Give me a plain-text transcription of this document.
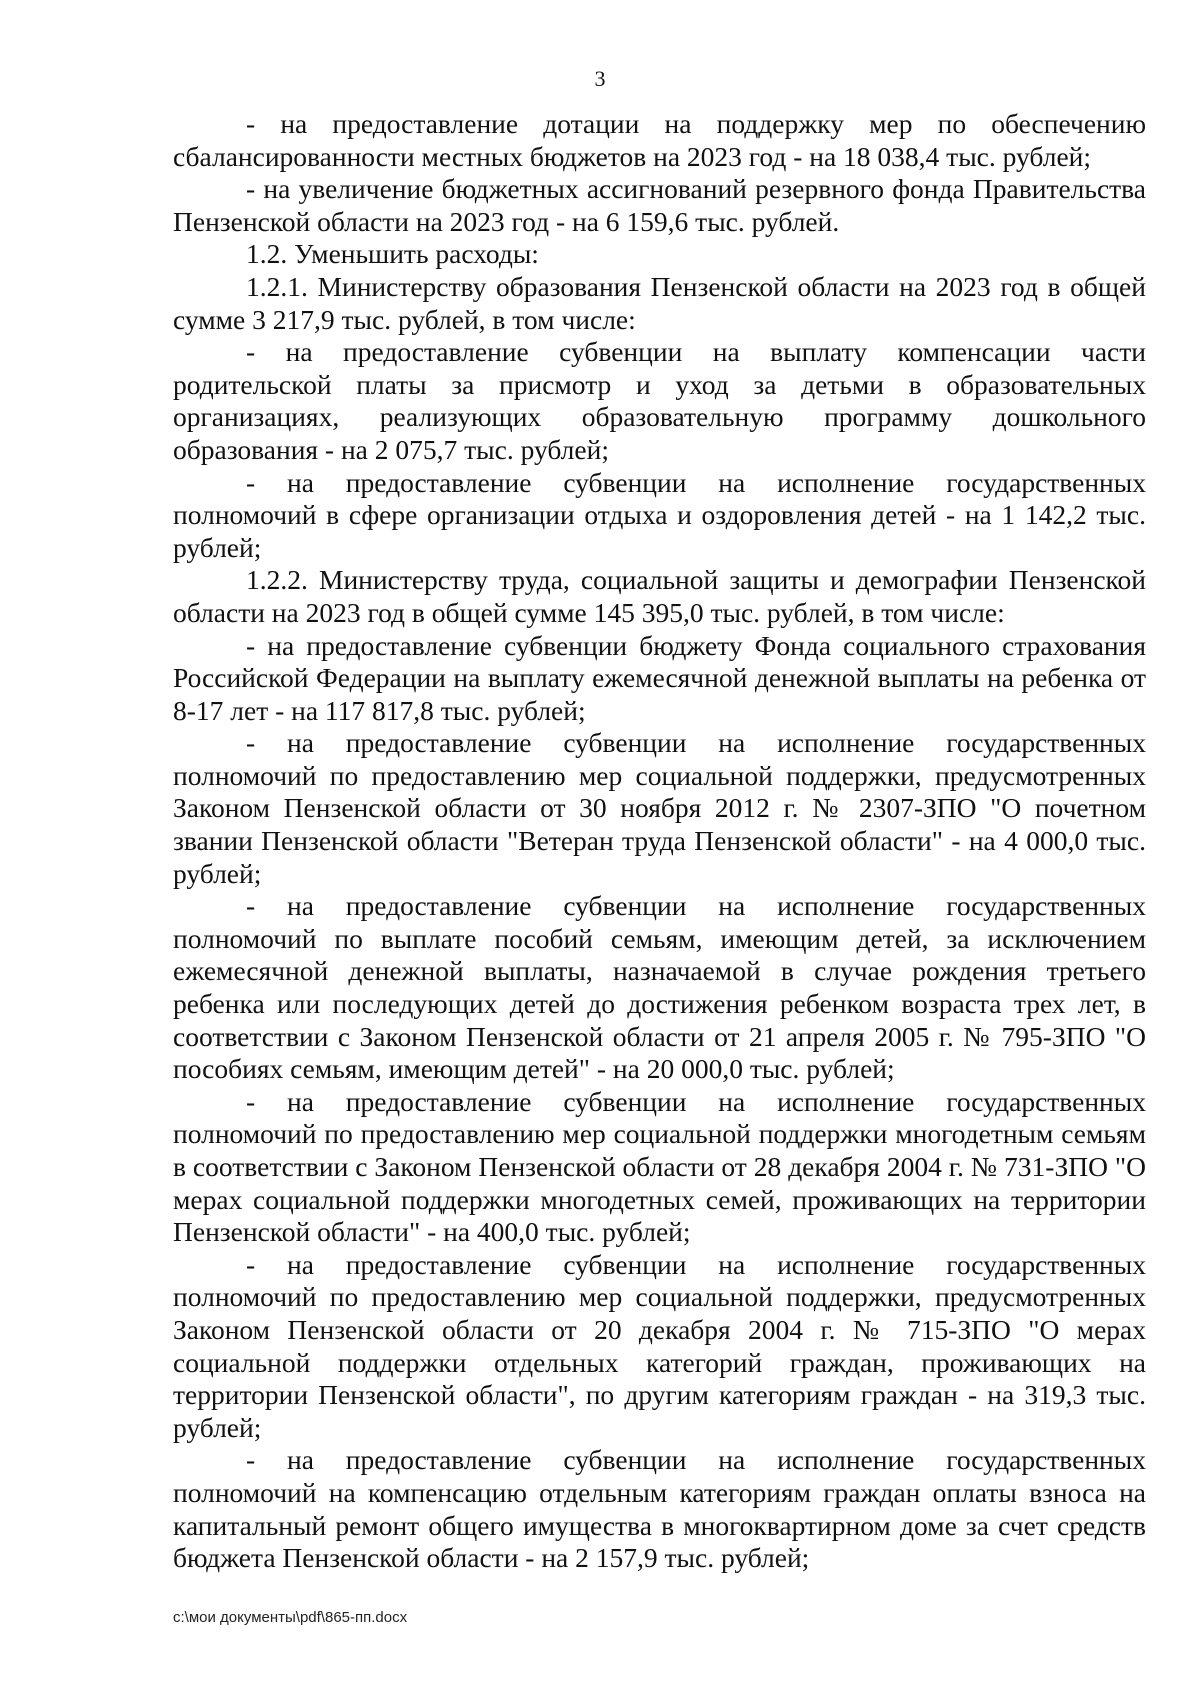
3

- на предоставление дотации на поддержку мер по обеспечению сбалансированности местных бюджетов на 2023 год - на 18 038,4 тыс. рублей;

- на увеличение бюджетных ассигнований резервного фонда Правительства Пензенской области на 2023 год - на 6 159,6 тыс. рублей.

1.2. Уменьшить расходы:

1.2.1. Министерству образования Пензенской области на 2023 год в общей сумме 3 217,9 тыс. рублей, в том числе:

- на предоставление субвенции на выплату компенсации части родительской платы за присмотр и уход за детьми в образовательных организациях, реализующих образовательную программу дошкольного образования - на 2 075,7 тыс. рублей;

- на предоставление субвенции на исполнение государственных полномочий в сфере организации отдыха и оздоровления детей - на 1 142,2 тыс. рублей;

1.2.2. Министерству труда, социальной защиты и демографии Пензенской области на 2023 год в общей сумме 145 395,0 тыс. рублей, в том числе:

- на предоставление субвенции бюджету Фонда социального страхования Российской Федерации на выплату ежемесячной денежной выплаты на ребенка от 8-17 лет - на 117 817,8 тыс. рублей;

- на предоставление субвенции на исполнение государственных полномочий по предоставлению мер социальной поддержки, предусмотренных Законом Пензенской области от 30 ноября 2012 г. № 2307-ЗПО "О почетном звании Пензенской области "Ветеран труда Пензенской области" - на 4 000,0 тыс. рублей;

- на предоставление субвенции на исполнение государственных полномочий по выплате пособий семьям, имеющим детей, за исключением ежемесячной денежной выплаты, назначаемой в случае рождения третьего ребенка или последующих детей до достижения ребенком возраста трех лет, в соответствии с Законом Пензенской области от 21 апреля 2005 г. № 795-ЗПО "О пособиях семьям, имеющим детей" - на 20 000,0 тыс. рублей;

- на предоставление субвенции на исполнение государственных полномочий по предоставлению мер социальной поддержки многодетным семьям в соответствии с Законом Пензенской области от 28 декабря 2004 г. № 731-ЗПО "О мерах социальной поддержки многодетных семей, проживающих на территории Пензенской области" - на 400,0 тыс. рублей;

- на предоставление субвенции на исполнение государственных полномочий по предоставлению мер социальной поддержки, предусмотренных Законом Пензенской области от 20 декабря 2004 г. № 715-ЗПО "О мерах социальной поддержки отдельных категорий граждан, проживающих на территории Пензенской области", по другим категориям граждан - на 319,3 тыс. рублей;

- на предоставление субвенции на исполнение государственных полномочий на компенсацию отдельным категориям граждан оплаты взноса на капитальный ремонт общего имущества в многоквартирном доме за счет средств бюджета Пензенской области - на 2 157,9 тыс. рублей;

c:\мои документы\pdf\865-пп.docx
